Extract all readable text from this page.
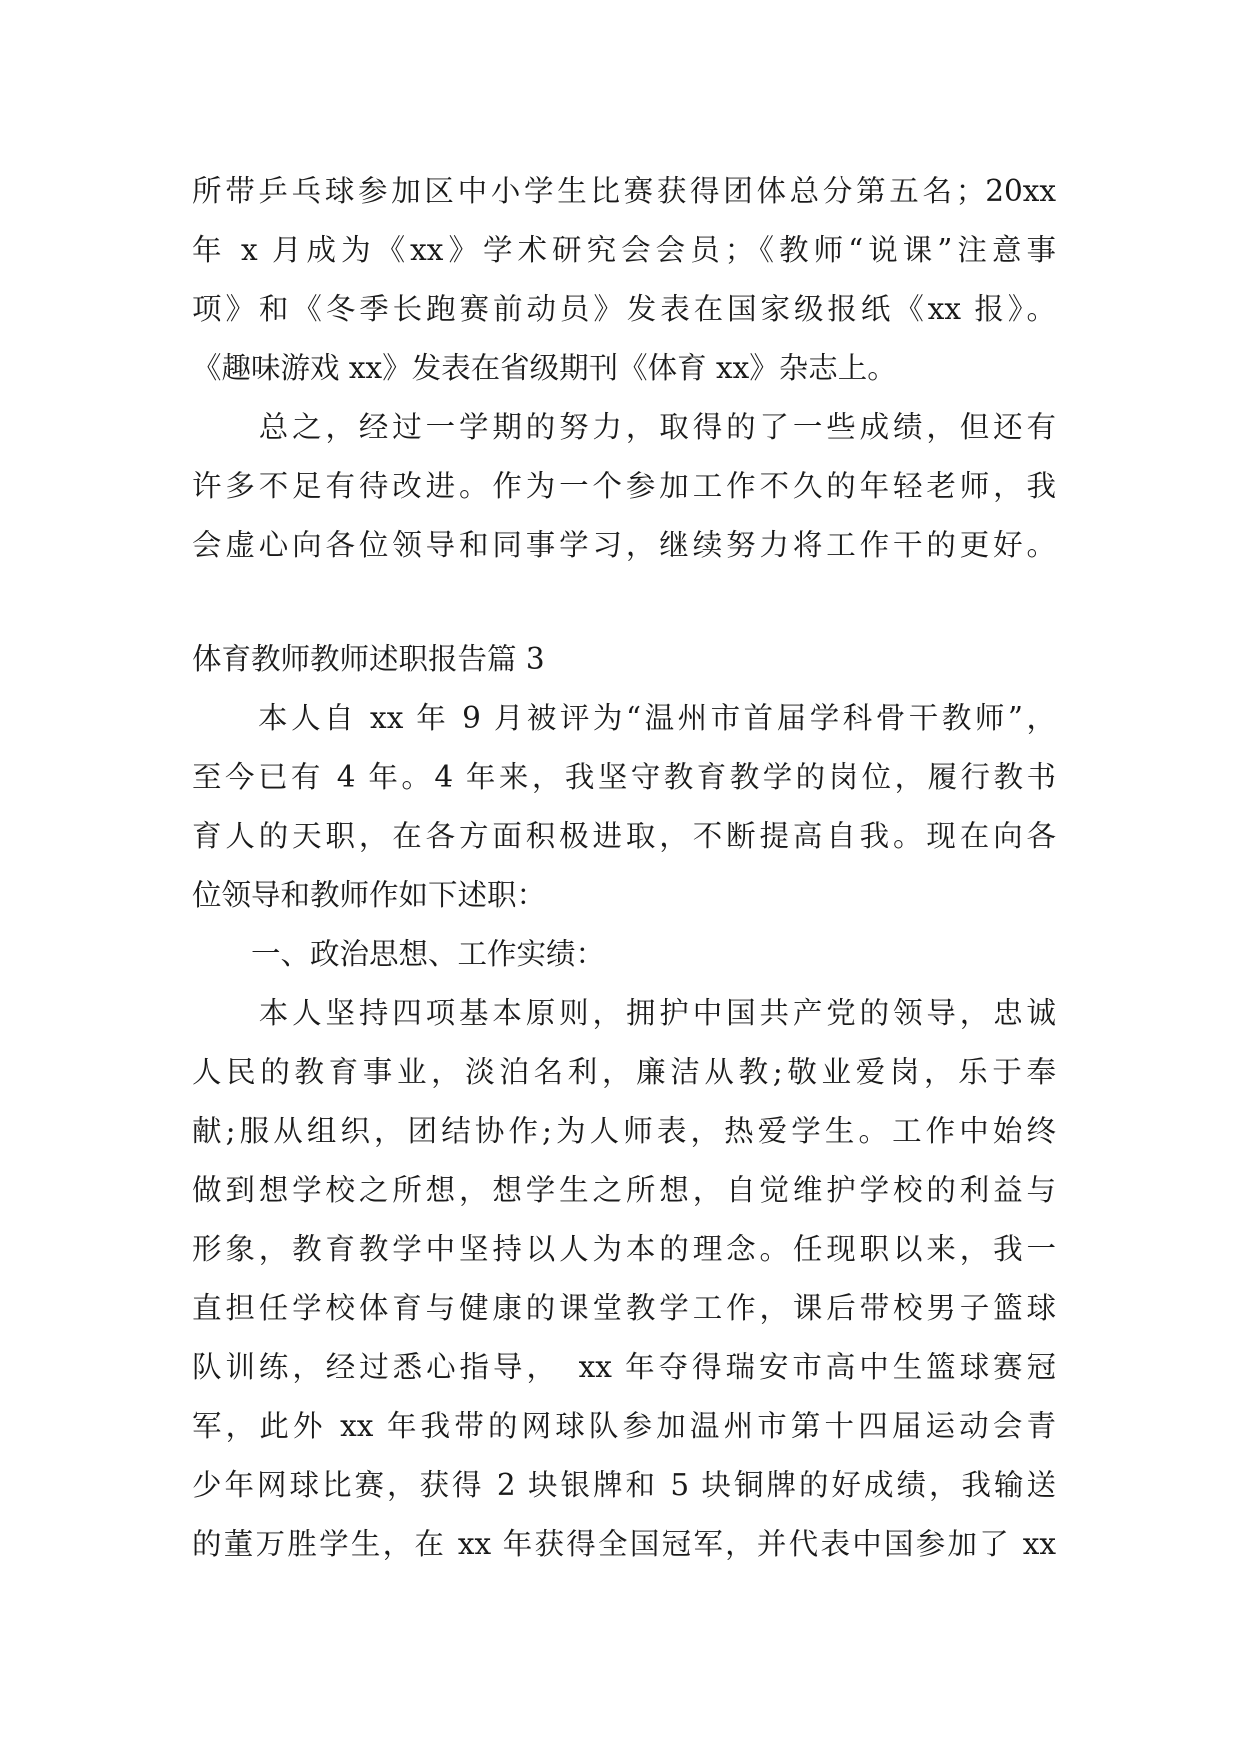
所带乒乓球参加区中小学生比赛获得团体总分第五名；20xx
年 x 月成为《xx》学术研究会会员；《教师“说课”注意事
项》和《冬季长跑赛前动员》发表在国家级报纸《xx 报》。
《趣味游戏 xx》发表在省级期刊《体育 xx》杂志上。
　　总之，经过一学期的努力，取得的了一些成绩，但还有
许多不足有待改进。作为一个参加工作不久的年轻老师，我
会虚心向各位领导和同事学习，继续努力将工作干的更好。
体育教师教师述职报告篇 3
　　本人自 xx 年 9 月被评为“温州市首届学科骨干教师”，
至今已有 4 年。4 年来，我坚守教育教学的岗位，履行教书
育人的天职，在各方面积极进取，不断提高自我。现在向各
位领导和教师作如下述职：
　　一、政治思想、工作实绩：
　　本人坚持四项基本原则，拥护中国共产党的领导，忠诚
人民的教育事业，淡泊名利，廉洁从教;敬业爱岗，乐于奉
献;服从组织，团结协作;为人师表，热爱学生。工作中始终
做到想学校之所想，想学生之所想，自觉维护学校的利益与
形象，教育教学中坚持以人为本的理念。任现职以来，我一
直担任学校体育与健康的课堂教学工作，课后带校男子篮球
队训练，经过悉心指导，　xx 年夺得瑞安市高中生篮球赛冠
军，此外 xx 年我带的网球队参加温州市第十四届运动会青
少年网球比赛，获得 2 块银牌和 5 块铜牌的好成绩，我输送
的董万胜学生，在 xx 年获得全国冠军，并代表中国参加了 xx
